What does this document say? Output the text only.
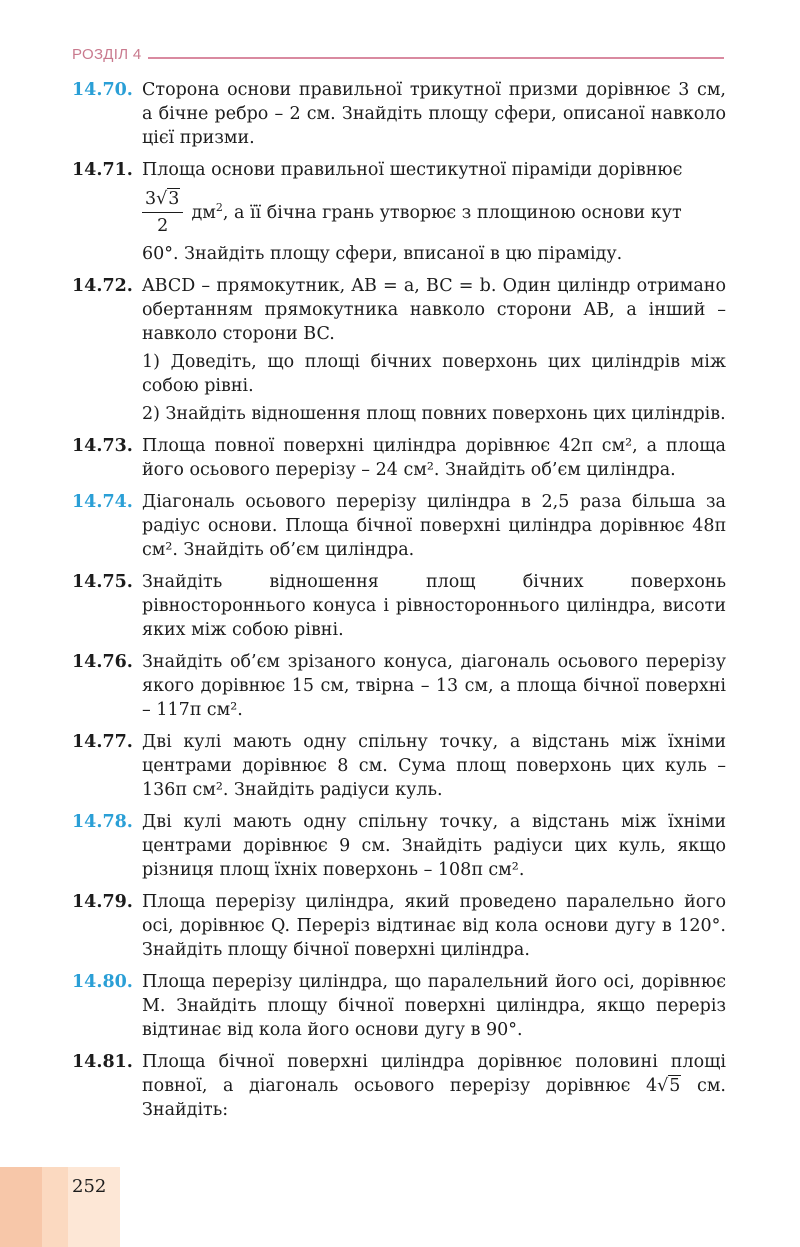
РОЗДІЛ 4
14.70. Сторона основи правильної трикутної призми дорівнює 3 см, а бічне ребро – 2 см. Знайдіть площу сфери, описаної навколо цієї призми.
14.71. Площа основи правильної шестикутної піраміди дорівнює
$\frac{3√3}{2} дм^2$, а її бічна грань утворює з площиною основи кут
60°. Знайдіть площу сфери, вписаної в цю піраміду.
14.72. ABCD – прямокутник, AB = a, BC = b. Один циліндр отримано обертанням прямокутника навколо сторони AB, а інший – навколо сторони BC.
1) Доведіть, що площі бічних поверхонь цих циліндрів між собою рівні.
2) Знайдіть відношення площ повних поверхонь цих циліндрів.
14.73. Площа повної поверхні циліндра дорівнює 42π см², а площа його осьового перерізу – 24 см². Знайдіть об’єм циліндра.
14.74. Діагональ осьового перерізу циліндра в 2,5 раза більша за радіус основи. Площа бічної поверхні циліндра дорівнює 48π см². Знайдіть об’єм циліндра.
14.75. Знайдіть відношення площ бічних поверхонь рівностороннього конуса і рівностороннього циліндра, висоти яких між собою рівні.
14.76. Знайдіть об’єм зрізаного конуса, діагональ осьового перерізу якого дорівнює 15 см, твірна – 13 см, а площа бічної поверхні – 117π см².
14.77. Дві кулі мають одну спільну точку, а відстань між їхніми центрами дорівнює 8 см. Сума площ поверхонь цих куль – 136π см². Знайдіть радіуси куль.
14.78. Дві кулі мають одну спільну точку, а відстань між їхніми центрами дорівнює 9 см. Знайдіть радіуси цих куль, якщо різниця площ їхніх поверхонь – 108π см².
14.79. Площа перерізу циліндра, який проведено паралельно його осі, дорівнює Q. Переріз відтинає від кола основи дугу в 120°. Знайдіть площу бічної поверхні циліндра.
14.80. Площа перерізу циліндра, що паралельний його осі, дорівнює M. Знайдіть площу бічної поверхні циліндра, якщо переріз відтинає від кола його основи дугу в 90°.
14.81. Площа бічної поверхні циліндра дорівнює половині площі повної, а діагональ осьового перерізу дорівнює 4√5 см. Знайдіть:
252
